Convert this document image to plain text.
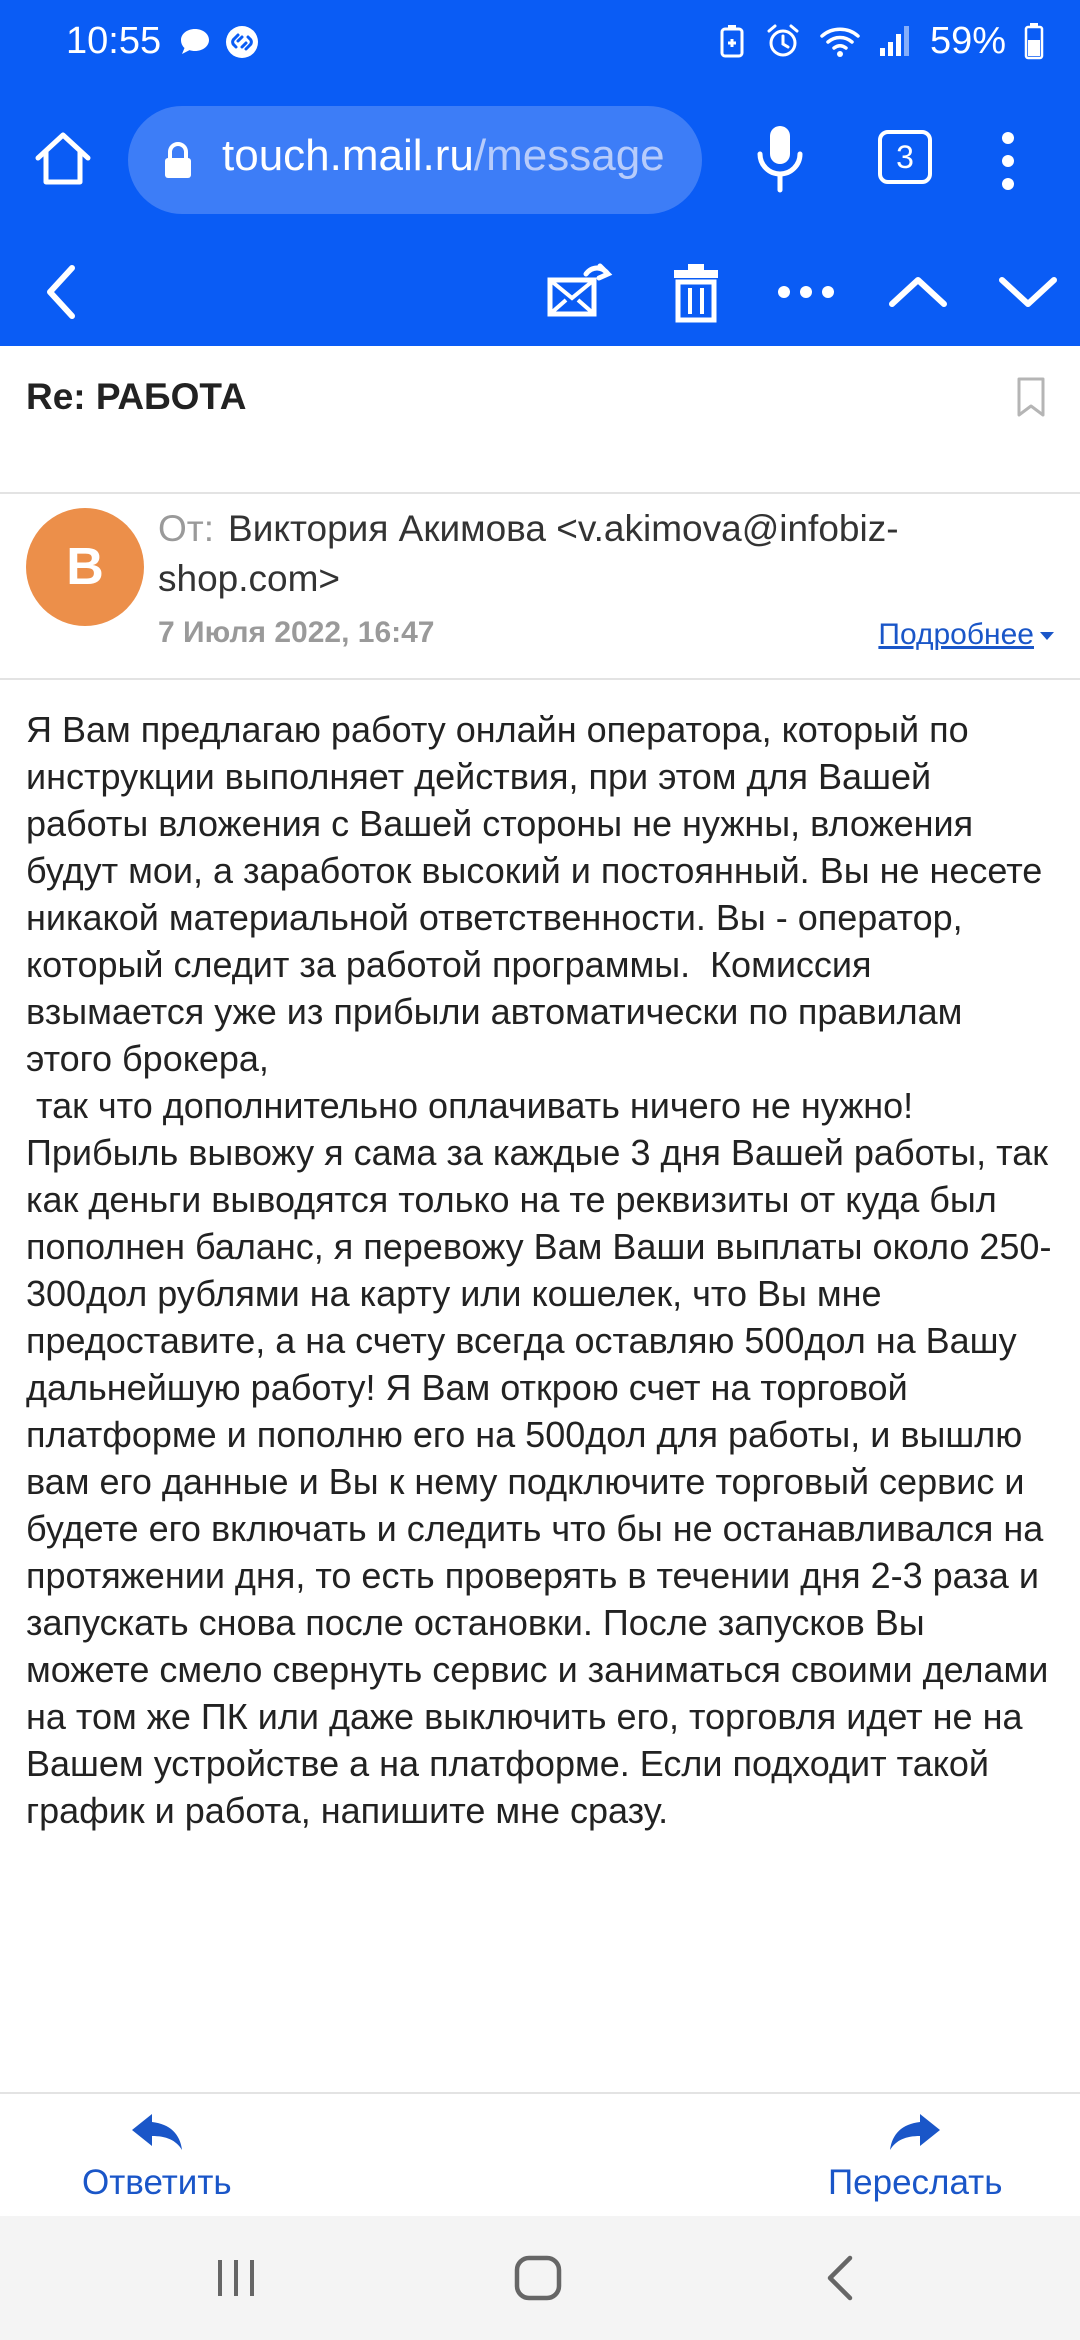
10:55	59%
touch.mail.ru/message	3
Re: РАБОТА
В
От: Виктория Акимова <v.akimova@infobiz-shop.com>
7 Июля 2022, 16:47	Подробнее
Я Вам предлагаю работу онлайн оператора, который по инструкции выполняет действия, при этом для Вашей работы вложения с Вашей стороны не нужны, вложения будут мои, а заработок высокий и постоянный. Вы не несете никакой материальной ответственности. Вы - оператор, который следит за работой программы.  Комиссия взымается уже из прибыли автоматически по правилам этого брокера,
так что дополнительно оплачивать ничего не нужно! Прибыль вывожу я сама за каждые 3 дня Вашей работы, так как деньги выводятся только на те реквизиты от куда был пополнен баланс, я перевожу Вам Ваши выплаты около 250-300дол рублями на карту или кошелек, что Вы мне предоставите, а на счету всегда оставляю 500дол на Вашу дальнейшую работу! Я Вам открою счет на торговой платформе и пополню его на 500дол для работы, и вышлю вам его данные и Вы к нему подключите торговый сервис и будете его включать и следить что бы не останавливался на протяжении дня, то есть проверять в течении дня 2-3 раза и запускать снова после остановки. После запусков Вы можете смело свернуть сервис и заниматься своими делами на том же ПК или даже выключить его, торговля идет не на Вашем устройстве а на платформе. Если подходит такой график и работа, напишите мне сразу.
Ответить	Переслать
